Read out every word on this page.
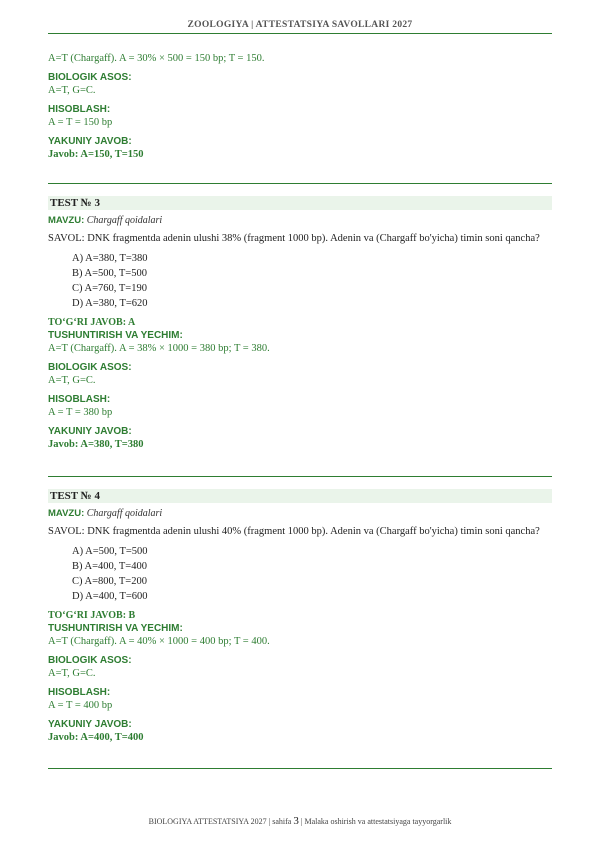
ZOOLOGIYA | ATTESTATSIYA SAVOLLARI 2027

A=T (Chargaff). A = 30% × 500 = 150 bp; T = 150.

BIOLOGIK ASOS:

A=T, G=C.

HISOBLASH:

A = T = 150 bp

YAKUNIY JAVOB:

Javob: A=150, T=150

TEST № 3

MAVZU: Chargaff qoidalari

SAVOL: DNK fragmentda adenin ulushi 38% (fragment 1000 bp). Adenin va (Chargaff bo'yicha) timin soni qancha?

A) A=380, T=380
B) A=500, T=500
C) A=760, T=190
D) A=380, T=620

TO‘G‘RI JAVOB: A

TUSHUNTIRISH VA YECHIM:

A=T (Chargaff). A = 38% × 1000 = 380 bp; T = 380.

BIOLOGIK ASOS:

A=T, G=C.

HISOBLASH:

A = T = 380 bp

YAKUNIY JAVOB:

Javob: A=380, T=380

TEST № 4

MAVZU: Chargaff qoidalari

SAVOL: DNK fragmentda adenin ulushi 40% (fragment 1000 bp). Adenin va (Chargaff bo'yicha) timin soni qancha?

A) A=500, T=500
B) A=400, T=400
C) A=800, T=200
D) A=400, T=600

TO‘G‘RI JAVOB: B

TUSHUNTIRISH VA YECHIM:

A=T (Chargaff). A = 40% × 1000 = 400 bp; T = 400.

BIOLOGIK ASOS:

A=T, G=C.

HISOBLASH:

A = T = 400 bp

YAKUNIY JAVOB:

Javob: A=400, T=400

BIOLOGIYA ATTESTATSIYA 2027 | sahifa 3 | Malaka oshirish va attestatsiyaga tayyorgarlik
